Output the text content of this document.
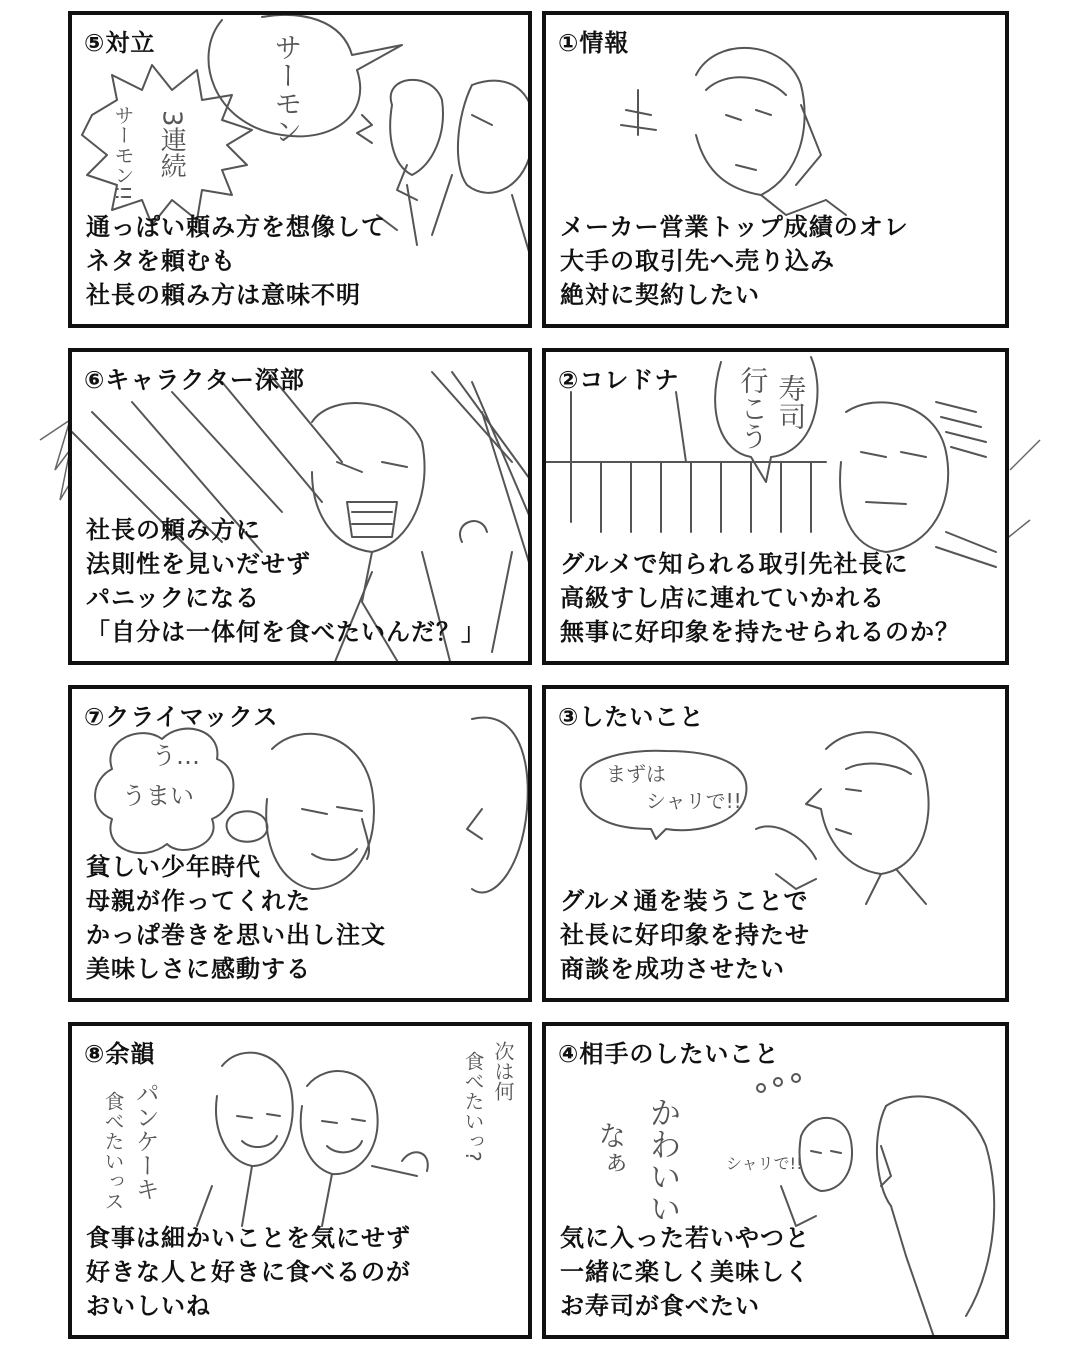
⑤対立	サーモン
3連続
サーモン!!
通っぽい頼み方を想像して
ネタを頼むも
社長の頼み方は意味不明
①情報
メーカー営業トップ成績のオレ
大手の取引先へ売り込み
絶対に契約したい
⑥キャラクター深部
社長の頼み方に
法則性を見いだせず
パニックになる
「自分は一体何を食べたいんだ？」
②コレドナ	寿司
行こう
グルメで知られる取引先社長に
高級すし店に連れていかれる
無事に好印象を持たせられるのか？
⑦クライマックス
う…
うまい
貧しい少年時代
母親が作ってくれた
かっぱ巻きを思い出し注文
美味しさに感動する
③したいこと
まずは
シャリで!!
グルメ通を装うことで
社長に好印象を持たせ
商談を成功させたい
⑧余韻
パンケーキ
食べたいっス
次は何
食べたいっ?
食事は細かいことを気にせず
好きな人と好きに食べるのが
おいしいね
④相手のしたいこと
かわいい
なぁ	シャリで!!
気に入った若いやつと
一緒に楽しく美味しく
お寿司が食べたい
